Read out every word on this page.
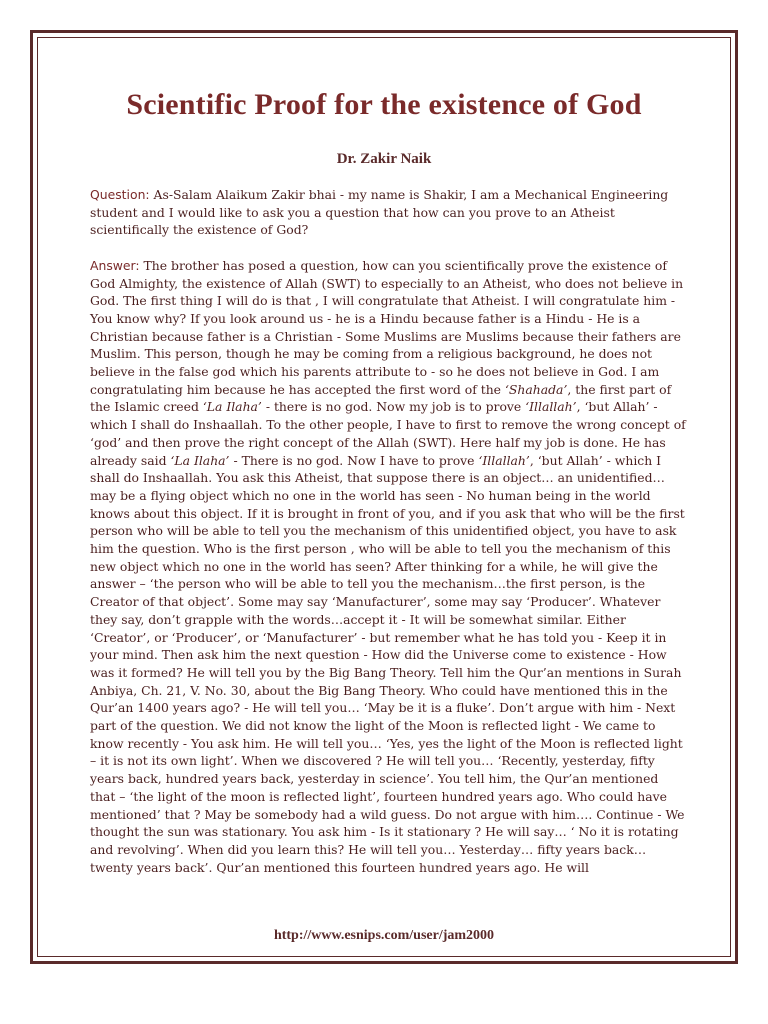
Scientific Proof for the existence of God
Dr. Zakir Naik

Question: As-Salam Alaikum Zakir bhai - my name is Shakir, I am a Mechanical Engineering student and I would like to ask you a question that how can you prove to an Atheist scientifically the existence of God?

Answer: The brother has posed a question, how can you scientifically prove the existence of God Almighty, the existence of Allah (SWT) to especially to an Atheist, who does not believe in God. The first thing I will do is that , I will congratulate that Atheist. I will congratulate him - You know why? If you look around us - he is a Hindu because father is a Hindu - He is a Christian because father is a Christian - Some Muslims are Muslims because their fathers are Muslim. This person, though he may be coming from a religious background, he does not believe in the false god which his parents attribute to - so he does not believe in God. I am congratulating him because he has accepted the first word of the ‘Shahada’, the first part of the Islamic creed ‘La Ilaha’ - there is no god. Now my job is to prove ‘Illallah’, ‘but Allah’ - which I shall do Inshaallah. To the other people, I have to first to remove the wrong concept of ‘god’ and then prove the right concept of the Allah (SWT). Here half my job is done. He has already said ‘La Ilaha’ - There is no god. Now I have to prove ‘Illallah’, ‘but Allah’ - which I shall do Inshaallah. You ask this Atheist, that suppose there is an object… an unidentified… may be a flying object which no one in the world has seen - No human being in the world knows about this object. If it is brought in front of you, and if you ask that who will be the first person who will be able to tell you the mechanism of this unidentified object, you have to ask him the question. Who is the first person , who will be able to tell you the mechanism of this new object which no one in the world has seen? After thinking for a while, he will give the answer – ‘the person who will be able to tell you the mechanism…the first person, is the Creator of that object’. Some may say ‘Manufacturer’, some may say ‘Producer’. Whatever they say, don’t grapple with the words…accept it - It will be somewhat similar. Either ‘Creator’, or ‘Producer’, or ‘Manufacturer’ - but remember what he has told you - Keep it in your mind. Then ask him the next question - How did the Universe come to existence - How was it formed? He will tell you by the Big Bang Theory. Tell him the Qur’an mentions in Surah Anbiya, Ch. 21, V. No. 30, about the Big Bang Theory. Who could have mentioned this in the Qur’an 1400 years ago? - He will tell you… ‘May be it is a fluke’. Don’t argue with him - Next part of the question. We did not know the light of the Moon is reflected light - We came to know recently - You ask him. He will tell you… ‘Yes, yes the light of the Moon is reflected light – it is not its own light’. When we discovered ? He will tell you… ‘Recently, yesterday, fifty years back, hundred years back, yesterday in science’. You tell him, the Qur’an mentioned that – ‘the light of the moon is reflected light’, fourteen hundred years ago. Who could have mentioned’ that ? May be somebody had a wild guess. Do not argue with him…. Continue - We thought the sun was stationary. You ask him - Is it stationary ? He will say… ‘ No it is rotating and revolving’. When did you learn this? He will tell you… Yesterday… fifty years back… twenty years back’. Qur’an mentioned this fourteen hundred years ago. He will

http://www.esnips.com/user/jam2000
